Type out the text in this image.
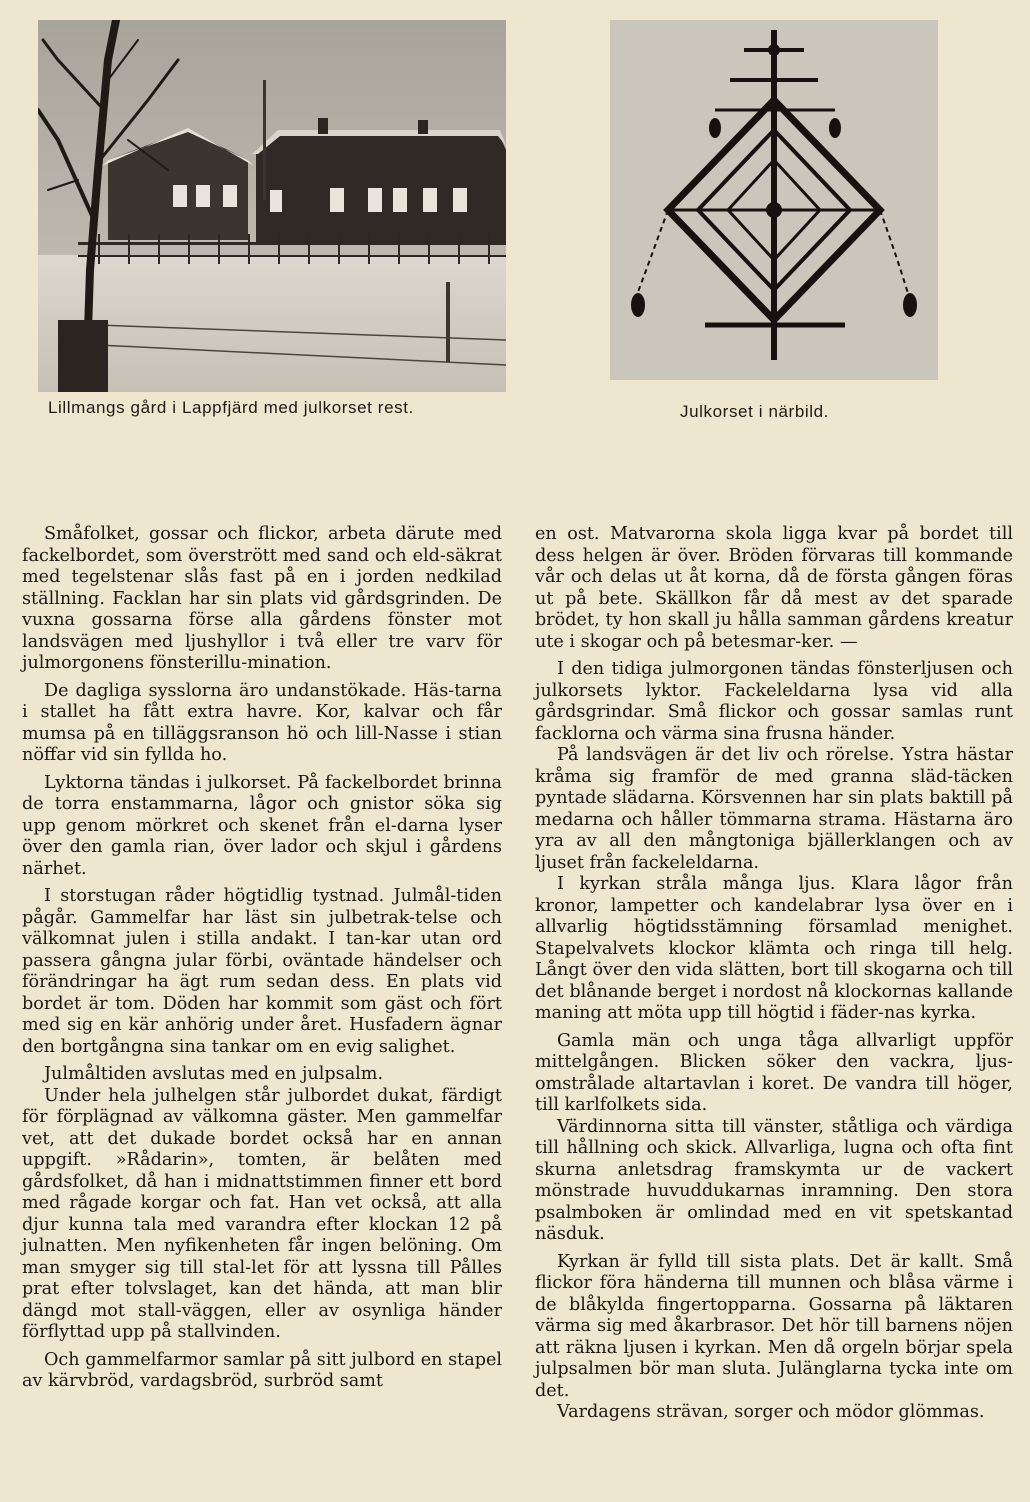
Lillmangs gård i Lappfjärd med julkorset rest.	Julkorset i närbild.

Småfolket, gossar och flickor, arbeta därute med fackelbordet, som överstrött med sand och eld-säkrat med tegelstenar slås fast på en i jorden nedkilad ställning. Facklan har sin plats vid gårdsgrinden. De vuxna gossarna förse alla gårdens fönster mot landsvägen med ljushyllor i två eller tre varv för julmorgonens fönsterillu-mination.

De dagliga sysslorna äro undanstökade. Häs-tarna i stallet ha fått extra havre. Kor, kalvar och får mumsa på en tilläggsranson hö och lill-Nasse i stian nöffar vid sin fyllda ho.

Lyktorna tändas i julkorset. På fackelbordet brinna de torra enstammarna, lågor och gnistor söka sig upp genom mörkret och skenet från el-darna lyser över den gamla rian, över lador och skjul i gårdens närhet.

I storstugan råder högtidlig tystnad. Julmål-tiden pågår. Gammelfar har läst sin julbetrak-telse och välkomnat julen i stilla andakt. I tan-kar utan ord passera gångna jular förbi, oväntade händelser och förändringar ha ägt rum sedan dess. En plats vid bordet är tom. Döden har kommit som gäst och fört med sig en kär anhörig under året. Husfadern ägnar den bortgångna sina tankar om en evig salighet.

Julmåltiden avslutas med en julpsalm.

Under hela julhelgen står julbordet dukat, färdigt för förplägnad av välkomna gäster. Men gammelfar vet, att det dukade bordet också har en annan uppgift. »Rådarin», tomten, är belåten med gårdsfolket, då han i midnattstimmen finner ett bord med rågade korgar och fat. Han vet också, att alla djur kunna tala med varandra efter klockan 12 på julnatten. Men nyfikenheten får ingen belöning. Om man smyger sig till stal-let för att lyssna till Pålles prat efter tolvslaget, kan det hända, att man blir dängd mot stall-väggen, eller av osynliga händer förflyttad upp på stallvinden.

Och gammelfarmor samlar på sitt julbord en stapel av kärvbröd, vardagsbröd, surbröd samt

en ost. Matvarorna skola ligga kvar på bordet till dess helgen är över. Bröden förvaras till kommande vår och delas ut åt korna, då de första gången föras ut på bete. Skällkon får då mest av det sparade brödet, ty hon skall ju hålla samman gårdens kreatur ute i skogar och på betesmar-ker. —

I den tidiga julmorgonen tändas fönsterljusen och julkorsets lyktor. Fackeleldarna lysa vid alla gårdsgrindar. Små flickor och gossar samlas runt facklorna och värma sina frusna händer.

På landsvägen är det liv och rörelse. Ystra hästar kråma sig framför de med granna släd-täcken pyntade slädarna. Körsvennen har sin plats baktill på medarna och håller tömmarna strama. Hästarna äro yra av all den mångtoniga bjällerklangen och av ljuset från fackeleldarna.

I kyrkan stråla många ljus. Klara lågor från kronor, lampetter och kandelabrar lysa över en i allvarlig högtidsstämning församlad menighet. Stapelvalvets klockor klämta och ringa till helg. Långt över den vida slätten, bort till skogarna och till det blånande berget i nordost nå klockornas kallande maning att möta upp till högtid i fäder-nas kyrka.

Gamla män och unga tåga allvarligt uppför mittelgången. Blicken söker den vackra, ljus-omstrålade altartavlan i koret. De vandra till höger, till karlfolkets sida.

Värdinnorna sitta till vänster, ståtliga och värdiga till hållning och skick. Allvarliga, lugna och ofta fint skurna anletsdrag framskymta ur de vackert mönstrade huvuddukarnas inramning. Den stora psalmboken är omlindad med en vit spetskantad näsduk.

Kyrkan är fylld till sista plats. Det är kallt. Små flickor föra händerna till munnen och blåsa värme i de blåkylda fingertopparna. Gossarna på läktaren värma sig med åkarbrasor. Det hör till barnens nöjen att räkna ljusen i kyrkan. Men då orgeln börjar spela julpsalmen bör man sluta. Julänglarna tycka inte om det.

Vardagens strävan, sorger och mödor glömmas.
